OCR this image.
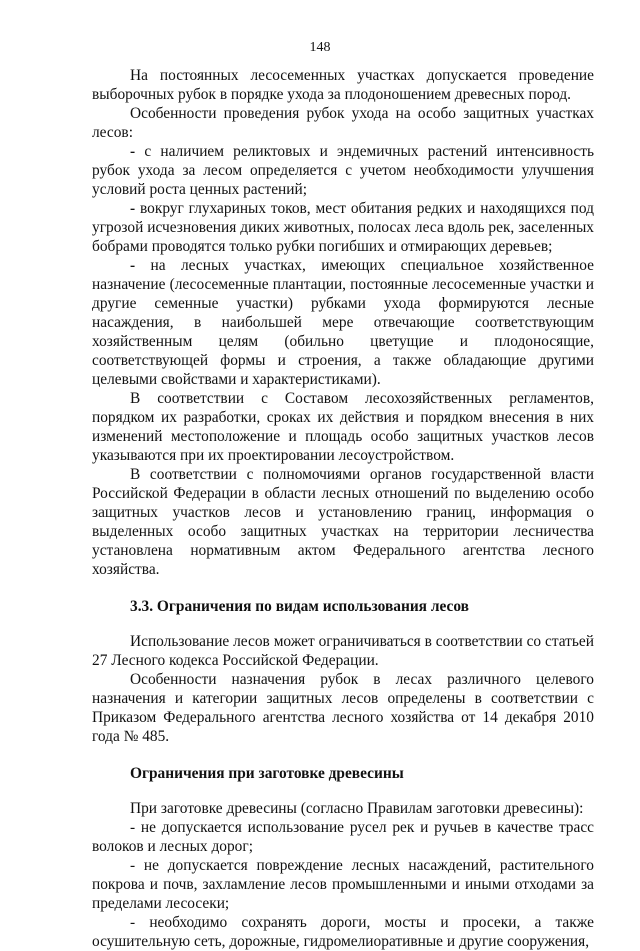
148

На постоянных лесосеменных участках допускается проведение выборочных рубок в порядке ухода за плодоношением древесных пород.

Особенности проведения рубок ухода на особо защитных участках лесов:

- с наличием реликтовых и эндемичных растений интенсивность рубок ухода за лесом определяется с учетом необходимости улучшения условий роста ценных растений;

- вокруг глухариных токов, мест обитания редких и находящихся под угрозой исчезновения диких животных, полосах леса вдоль рек, заселенных бобрами проводятся только рубки погибших и отмирающих деревьев;

- на лесных участках, имеющих специальное хозяйственное назначение (лесосеменные плантации, постоянные лесосеменные участки и другие семенные участки) рубками ухода формируются лесные насаждения, в наибольшей мере отвечающие соответствующим хозяйственным целям (обильно цветущие и плодоносящие, соответствующей формы и строения, а также обладающие другими целевыми свойствами и характеристиками).

В соответствии с Составом лесохозяйственных регламентов, порядком их разработки, сроках их действия и порядком внесения в них изменений местоположение и площадь особо защитных участков лесов указываются при их проектировании лесоустройством.

В соответствии с полномочиями органов государственной власти Российской Федерации в области лесных отношений по выделению особо защитных участков лесов и установлению границ, информация о выделенных особо защитных участках на территории лесничества установлена нормативным актом Федерального агентства лесного хозяйства.

3.3. Ограничения по видам использования лесов

Использование лесов может ограничиваться в соответствии со статьей 27 Лесного кодекса Российской Федерации.

Особенности назначения рубок в лесах различного целевого назначения и категории защитных лесов определены в соответствии с Приказом Федерального агентства лесного хозяйства от 14 декабря 2010 года № 485.

Ограничения при заготовке древесины

При заготовке древесины (согласно Правилам заготовки древесины):

- не допускается использование русел рек и ручьев в качестве трасс волоков и лесных дорог;

- не допускается повреждение лесных насаждений, растительного покрова и почв, захламление лесов промышленными и иными отходами за пределами лесосеки;

- необходимо сохранять дороги, мосты и просеки, а также осушительную сеть, дорожные, гидромелиоративные и другие сооружения,
